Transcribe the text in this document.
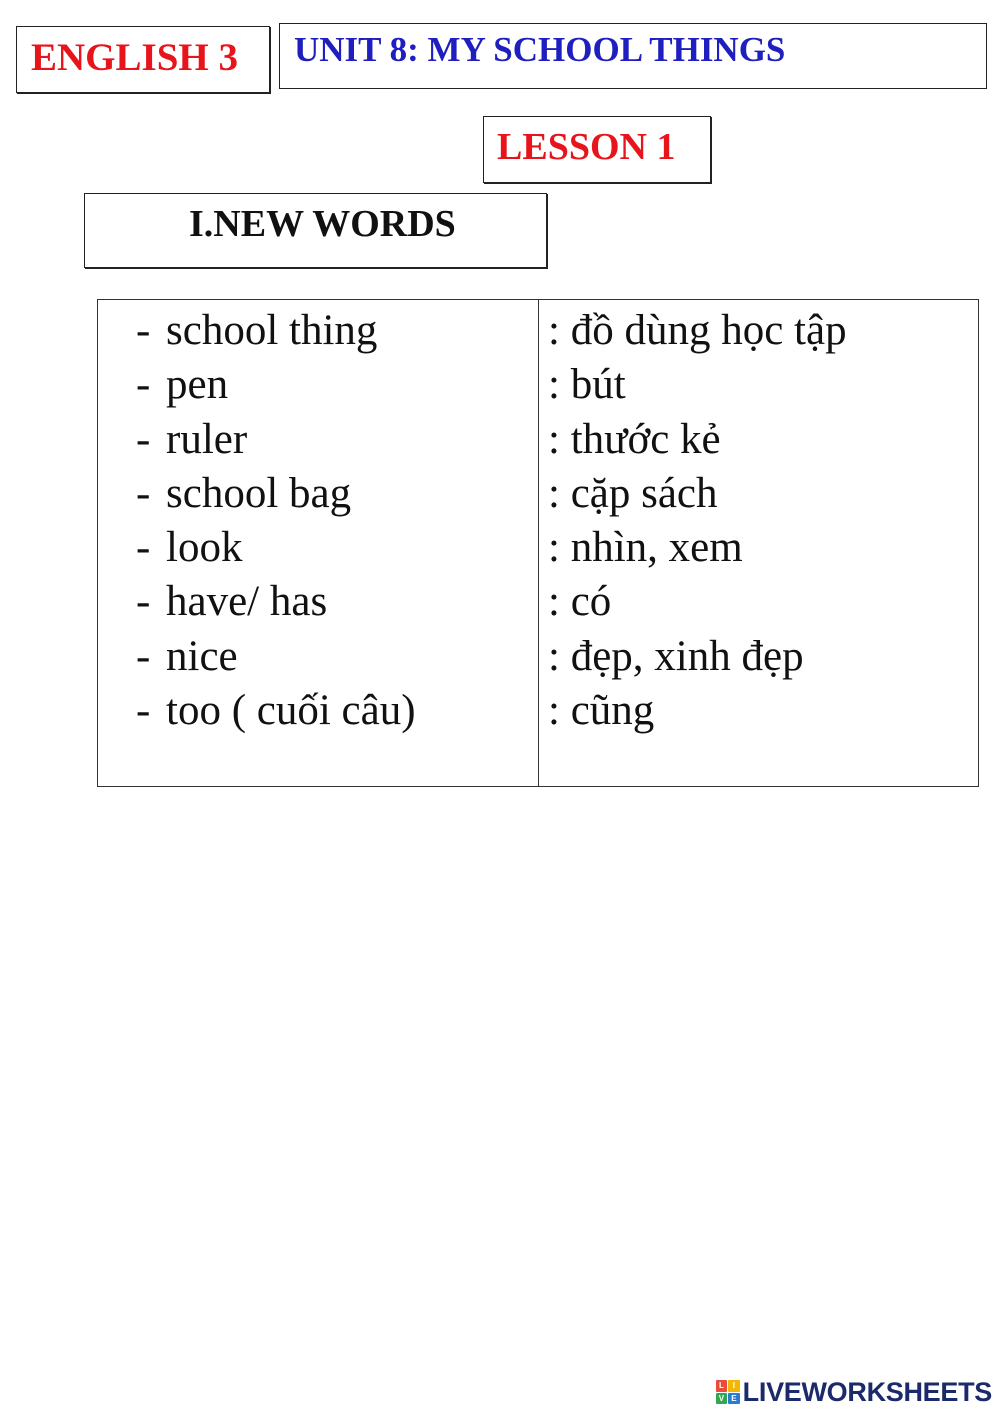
ENGLISH 3 UNIT 8: MY SCHOOL THINGS
LESSON 1
I.NEW WORDS
- school thing
- pen
- ruler
- school bag
- look
- have/ has
- nice
- too ( cuối câu)
: đồ dùng học tập
: bút
: thước kẻ
: cặp sách
: nhìn, xem
: có
: đẹp, xinh đẹp
: cũng
L	I
V E LIVEWORKSHEETS
